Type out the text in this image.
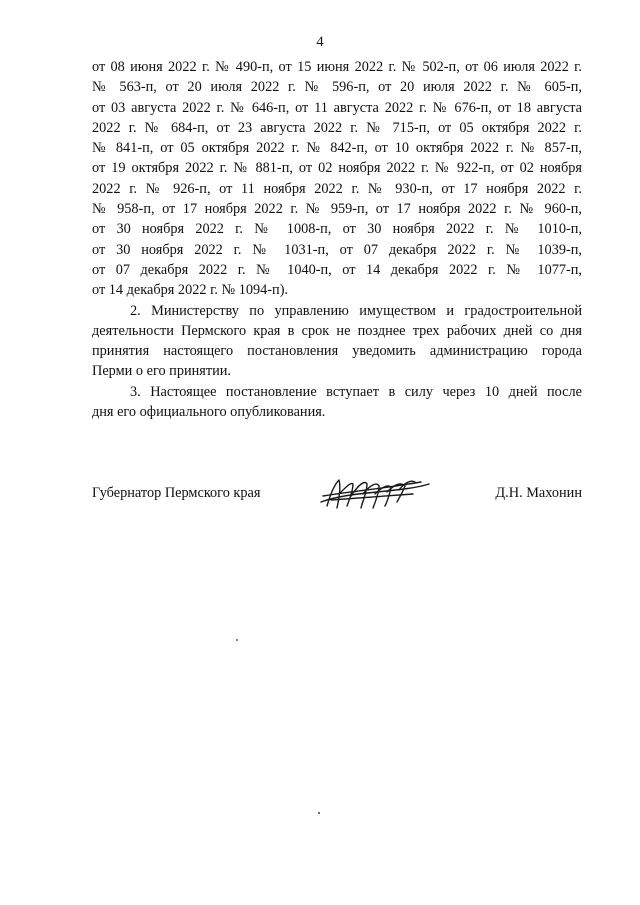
4

от 08 июня 2022 г. № 490-п, от 15 июня 2022 г. № 502-п, от 06 июля 2022 г.
№ 563-п, от 20 июля 2022 г. № 596-п, от 20 июля 2022 г. № 605-п,
от 03 августа 2022 г. № 646-п, от 11 августа 2022 г. № 676-п, от 18 августа
2022 г. № 684-п, от 23 августа 2022 г. № 715-п, от 05 октября 2022 г.
№ 841-п, от 05 октября 2022 г. № 842-п, от 10 октября 2022 г. № 857-п,
от 19 октября 2022 г. № 881-п, от 02 ноября 2022 г. № 922-п, от 02 ноября
2022 г. № 926-п, от 11 ноября 2022 г. № 930-п, от 17 ноября 2022 г.
№ 958-п, от 17 ноября 2022 г. № 959-п, от 17 ноября 2022 г. № 960-п,
от 30 ноября 2022 г. № 1008-п, от 30 ноября 2022 г. № 1010-п,
от 30 ноября 2022 г. № 1031-п, от 07 декабря 2022 г. № 1039-п,
от 07 декабря 2022 г. № 1040-п, от 14 декабря 2022 г. № 1077-п,
от 14 декабря 2022 г. № 1094-п).

2. Министерству по управлению имуществом и градостроительной
деятельности Пермского края в срок не позднее трех рабочих дней со дня
принятия настоящего постановления уведомить администрацию города
Перми о его принятии.

3. Настоящее постановление вступает в силу через 10 дней после
дня его официального опубликования.

Губернатор Пермского края	Д.Н. Махонин
